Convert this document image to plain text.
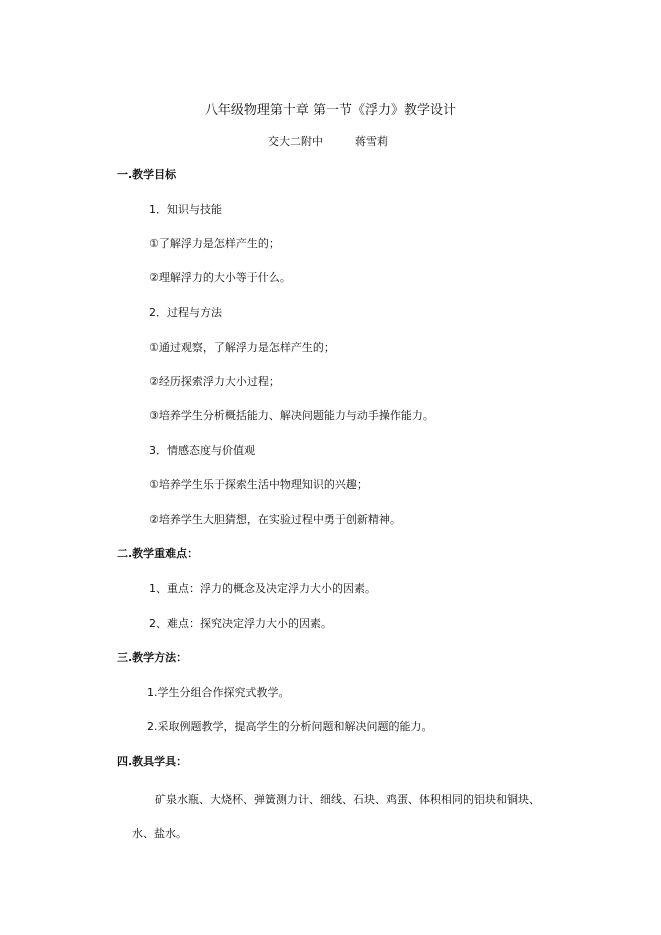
八年级物理第十章 第一节《浮力》教学设计
交大二附中	蒋雪莉
一.教学目标
1．知识与技能
①了解浮力是怎样产生的；
②理解浮力的大小等于什么。
2．过程与方法
①通过观察，了解浮力是怎样产生的；
②经历探索浮力大小过程；
③培养学生分析概括能力、解决问题能力与动手操作能力。
3．情感态度与价值观
①培养学生乐于探索生活中物理知识的兴趣；
②培养学生大胆猜想，在实验过程中勇于创新精神。
二.教学重难点：
1、重点：浮力的概念及决定浮力大小的因素。
2、难点：探究决定浮力大小的因素。
三.教学方法：
1.学生分组合作探究式教学。
2.采取例题教学，提高学生的分析问题和解决问题的能力。
四.教具学具：
矿泉水瓶、大烧杯、弹簧测力计、细线、石块、鸡蛋、体积相同的铝块和铜块、
水、盐水。
